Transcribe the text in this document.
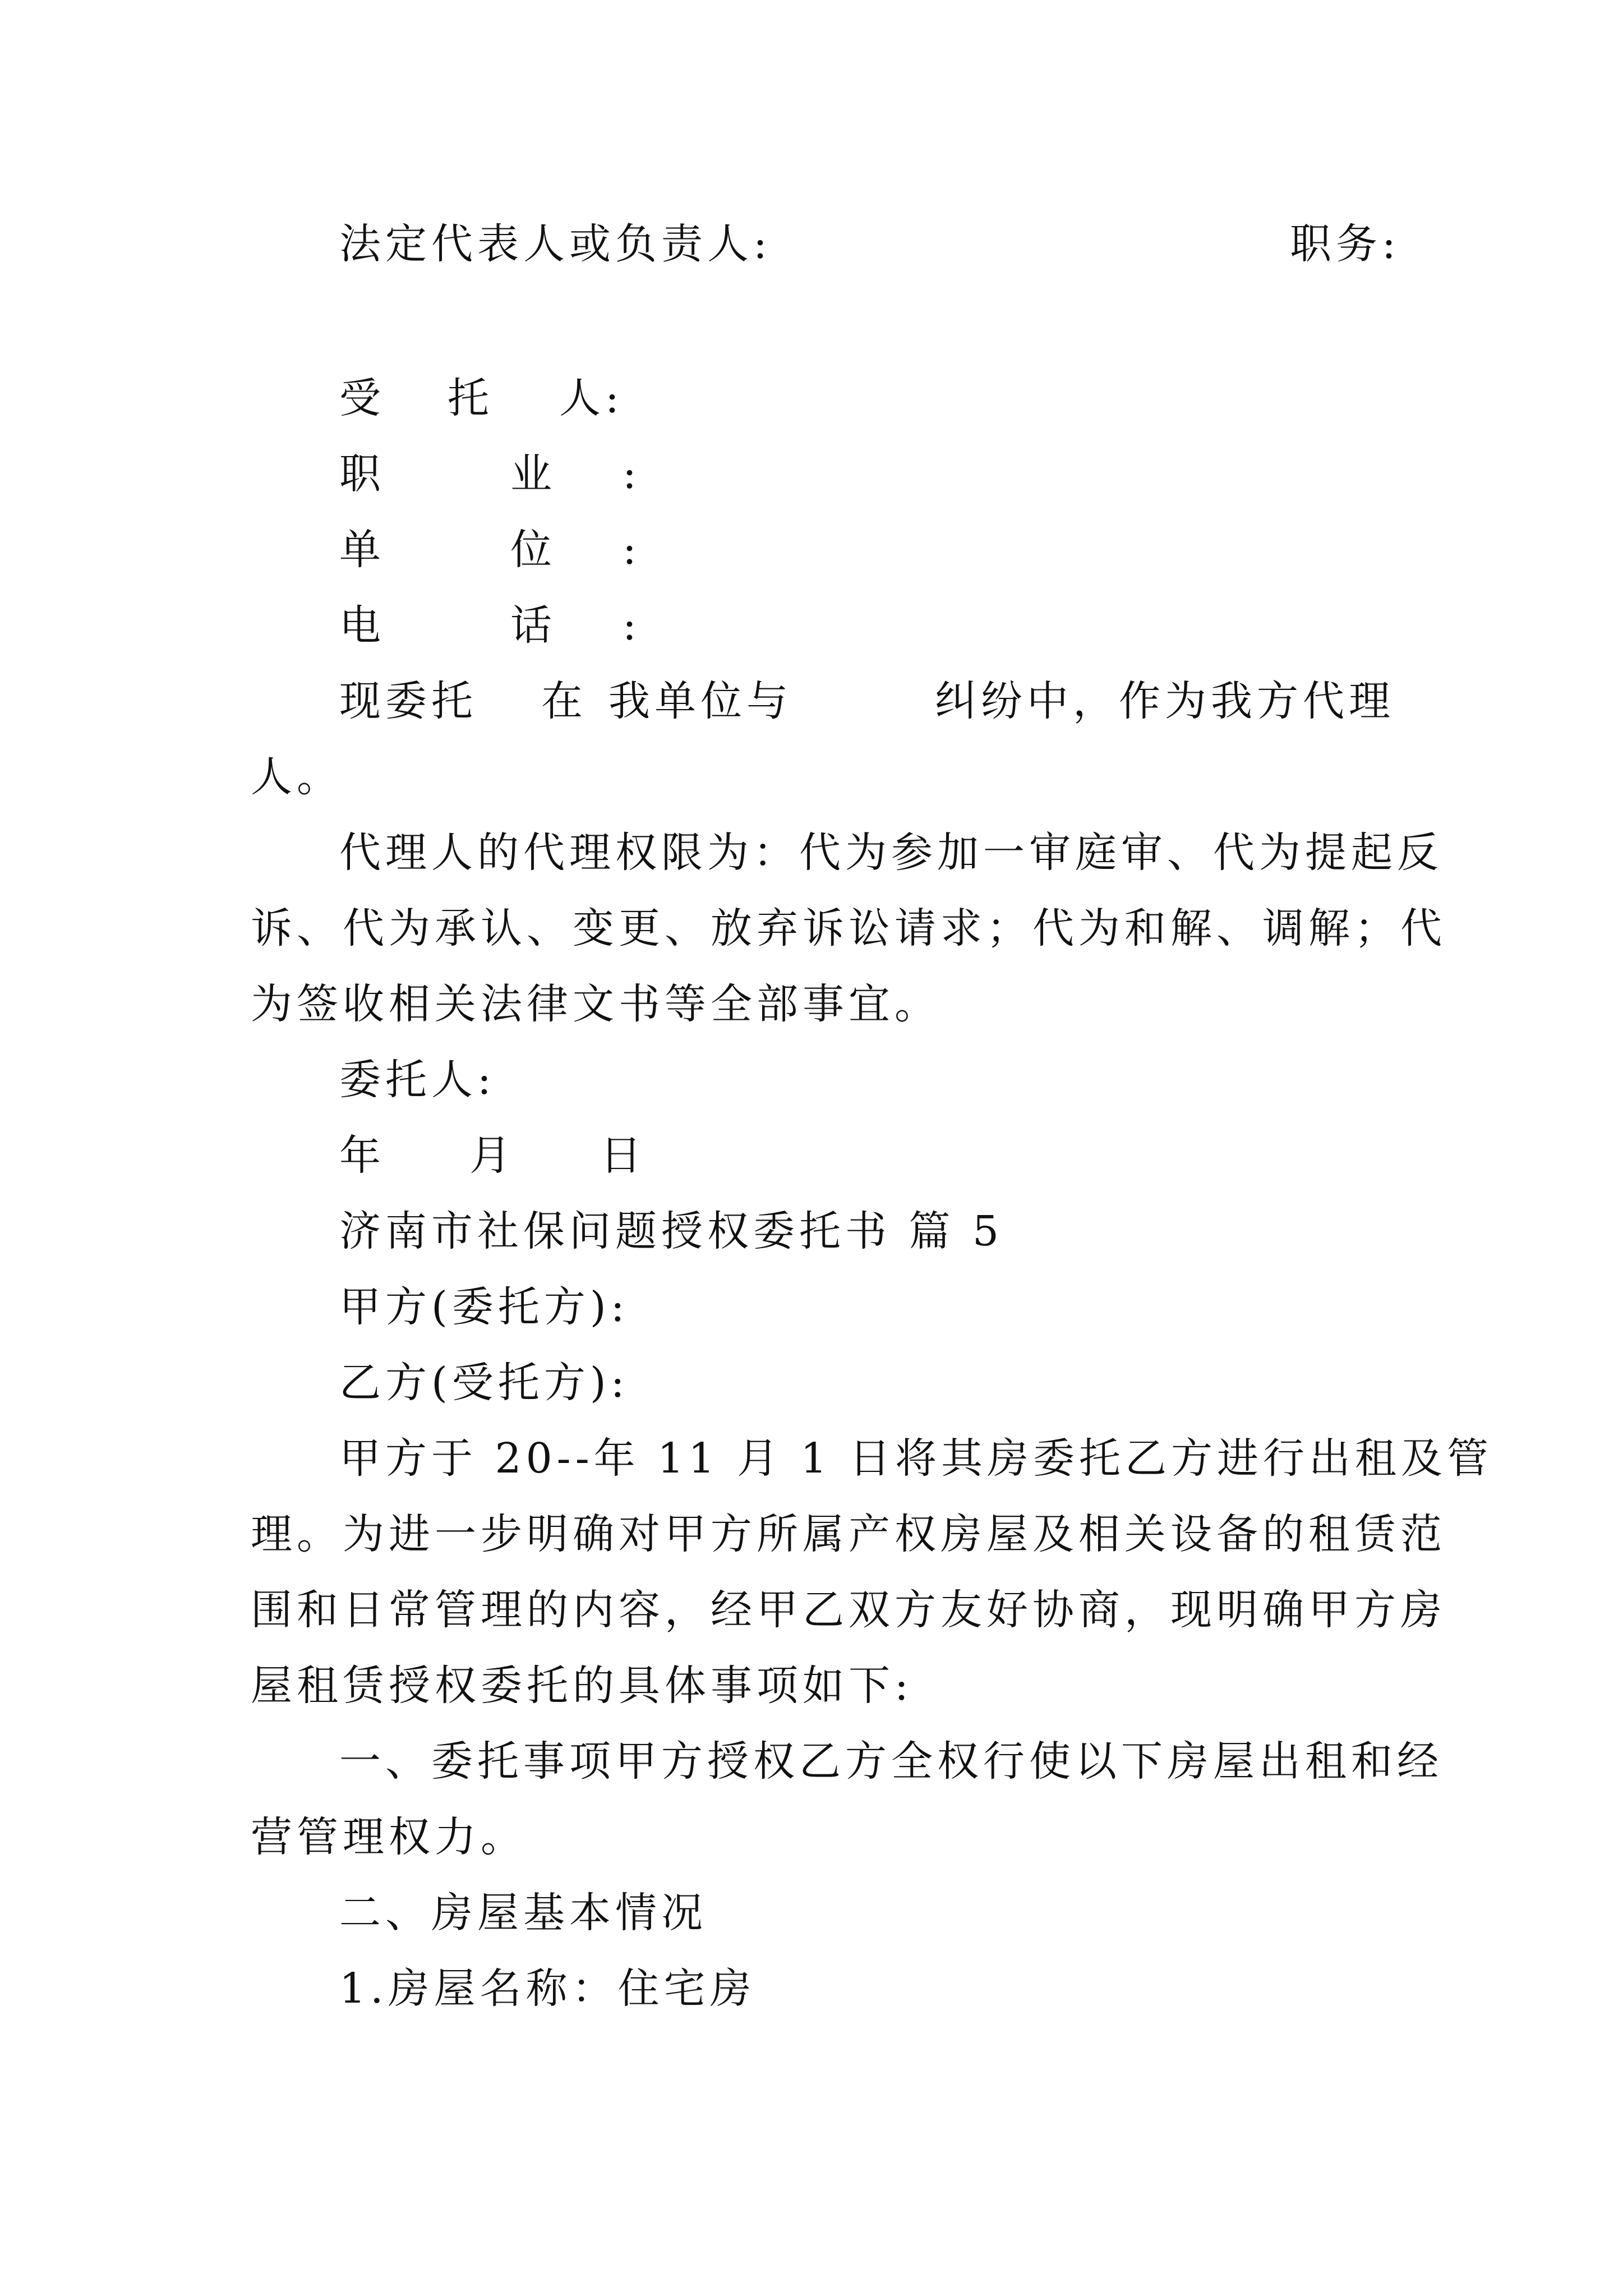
法定代表人或负责人:	职务:
受 托 人:
职	业 :
单	位 :
电	话 :
现委托 在 我单位与	纠纷中，作为我方代理
人。
代理人的代理权限为：代为参加一审庭审、代为提起反
诉、代为承认、变更、放弃诉讼请求；代为和解、调解；代
为签收相关法律文书等全部事宜。
委托人:
年 月 日
济南市社保问题授权委托书 篇 5
甲方(委托方):
乙方(受托方):
甲方于 20--年 11 月 1 日将其房委托乙方进行出租及管
理。为进一步明确对甲方所属产权房屋及相关设备的租赁范
围和日常管理的内容，经甲乙双方友好协商，现明确甲方房
屋租赁授权委托的具体事项如下:
一、委托事项甲方授权乙方全权行使以下房屋出租和经
营管理权力。
二、房屋基本情况
1.房屋名称：住宅房
